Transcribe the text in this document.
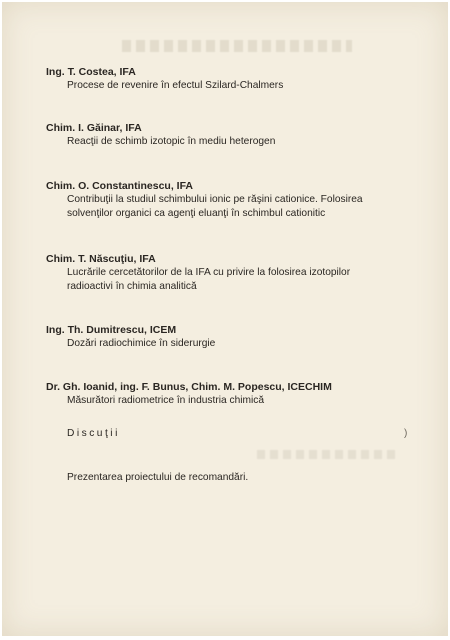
Ing. T. Costea, IFA
Procese de revenire în efectul Szilard-Chalmers
Chim. I. Găinar, IFA
Reacţii de schimb izotopic în mediu heterogen
Chim. O. Constantinescu, IFA
Contribuţii la studiul schimbului ionic pe răşini cationice. Folosirea
solvenţilor organici ca agenţi eluanţi în schimbul cationitic
Chim. T. Născuţiu, IFA
Lucrările cercetătorilor de la IFA cu privire la folosirea izotopilor
radioactivi în chimia analitică
Ing. Th. Dumitrescu, ICEM
Dozări radiochimice în siderurgie
Dr. Gh. Ioanid, ing. F. Bunus, Chim. M. Popescu, ICECHIM
Măsurători radiometrice în industria chimică
Discuţii	)
Prezentarea proiectului de recomandări.
